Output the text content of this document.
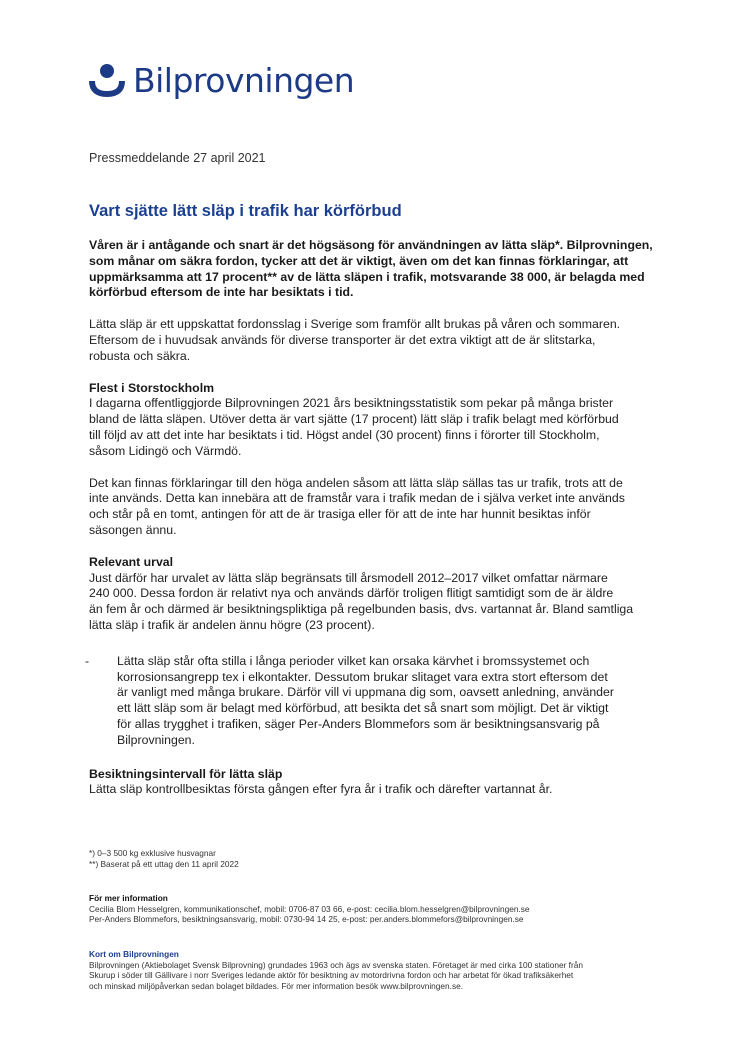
Bilprovningen
Pressmeddelande 27 april 2021
Vart sjätte lätt släp i trafik har körförbud

Våren är i antågande och snart är det högsäsong för användningen av lätta släp*. Bilprovningen,

som månar om säkra fordon, tycker att det är viktigt, även om det kan finnas förklaringar, att

uppmärksamma att 17 procent** av de lätta släpen i trafik, motsvarande 38 000, är belagda med

körförbud eftersom de inte har besiktats i tid.

Lätta släp är ett uppskattat fordonsslag i Sverige som framför allt brukas på våren och sommaren.

Eftersom de i huvudsak används för diverse transporter är det extra viktigt att de är slitstarka,

robusta och säkra.

Flest i Storstockholm

I dagarna offentliggjorde Bilprovningen 2021 års besiktningsstatistik som pekar på många brister

bland de lätta släpen. Utöver detta är vart sjätte (17 procent) lätt släp i trafik belagt med körförbud

till följd av att det inte har besiktats i tid. Högst andel (30 procent) finns i förorter till Stockholm,

såsom Lidingö och Värmdö.

Det kan finnas förklaringar till den höga andelen såsom att lätta släp sällas tas ur trafik, trots att de

inte används. Detta kan innebära att de framstår vara i trafik medan de i själva verket inte används

och står på en tomt, antingen för att de är trasiga eller för att de inte har hunnit besiktas inför

säsongen ännu.

Relevant urval

Just därför har urvalet av lätta släp begränsats till årsmodell 2012–2017 vilket omfattar närmare

240 000. Dessa fordon är relativt nya och används därför troligen flitigt samtidigt som de är äldre

än fem år och därmed är besiktningspliktiga på regelbunden basis, dvs. vartannat år. Bland samtliga

lätta släp i trafik är andelen ännu högre (23 procent).

- Lätta släp står ofta stilla i långa perioder vilket kan orsaka kärvhet i bromssystemet och

korrosionsangrepp tex i elkontakter. Dessutom brukar slitaget vara extra stort eftersom det

är vanligt med många brukare. Därför vill vi uppmana dig som, oavsett anledning, använder

ett lätt släp som är belagt med körförbud, att besikta det så snart som möjligt. Det är viktigt

för allas trygghet i trafiken, säger Per-Anders Blommefors som är besiktningsansvarig på

Bilprovningen.

Besiktningsintervall för lätta släp

Lätta släp kontrollbesiktas första gången efter fyra år i trafik och därefter vartannat år.

*) 0–3 500 kg exklusive husvagnar
**) Baserat på ett uttag den 11 april 2022
För mer information
Cecilia Blom Hesselgren, kommunikationschef, mobil: 0706-87 03 66, e-post: cecilia.blom.hesselgren@bilprovningen.se
Per-Anders Blommefors, besiktningsansvarig, mobil: 0730-94 14 25, e-post: per.anders.blommefors@bilprovningen.se
Kort om Bilprovningen
Bilprovningen (Aktiebolaget Svensk Bilprovning) grundades 1963 och ägs av svenska staten. Företaget är med cirka 100 stationer från
Skurup i söder till Gällivare i norr Sveriges ledande aktör för besiktning av motordrivna fordon och har arbetat för ökad trafiksäkerhet
och minskad miljöpåverkan sedan bolaget bildades. För mer information besök www.bilprovningen.se.
